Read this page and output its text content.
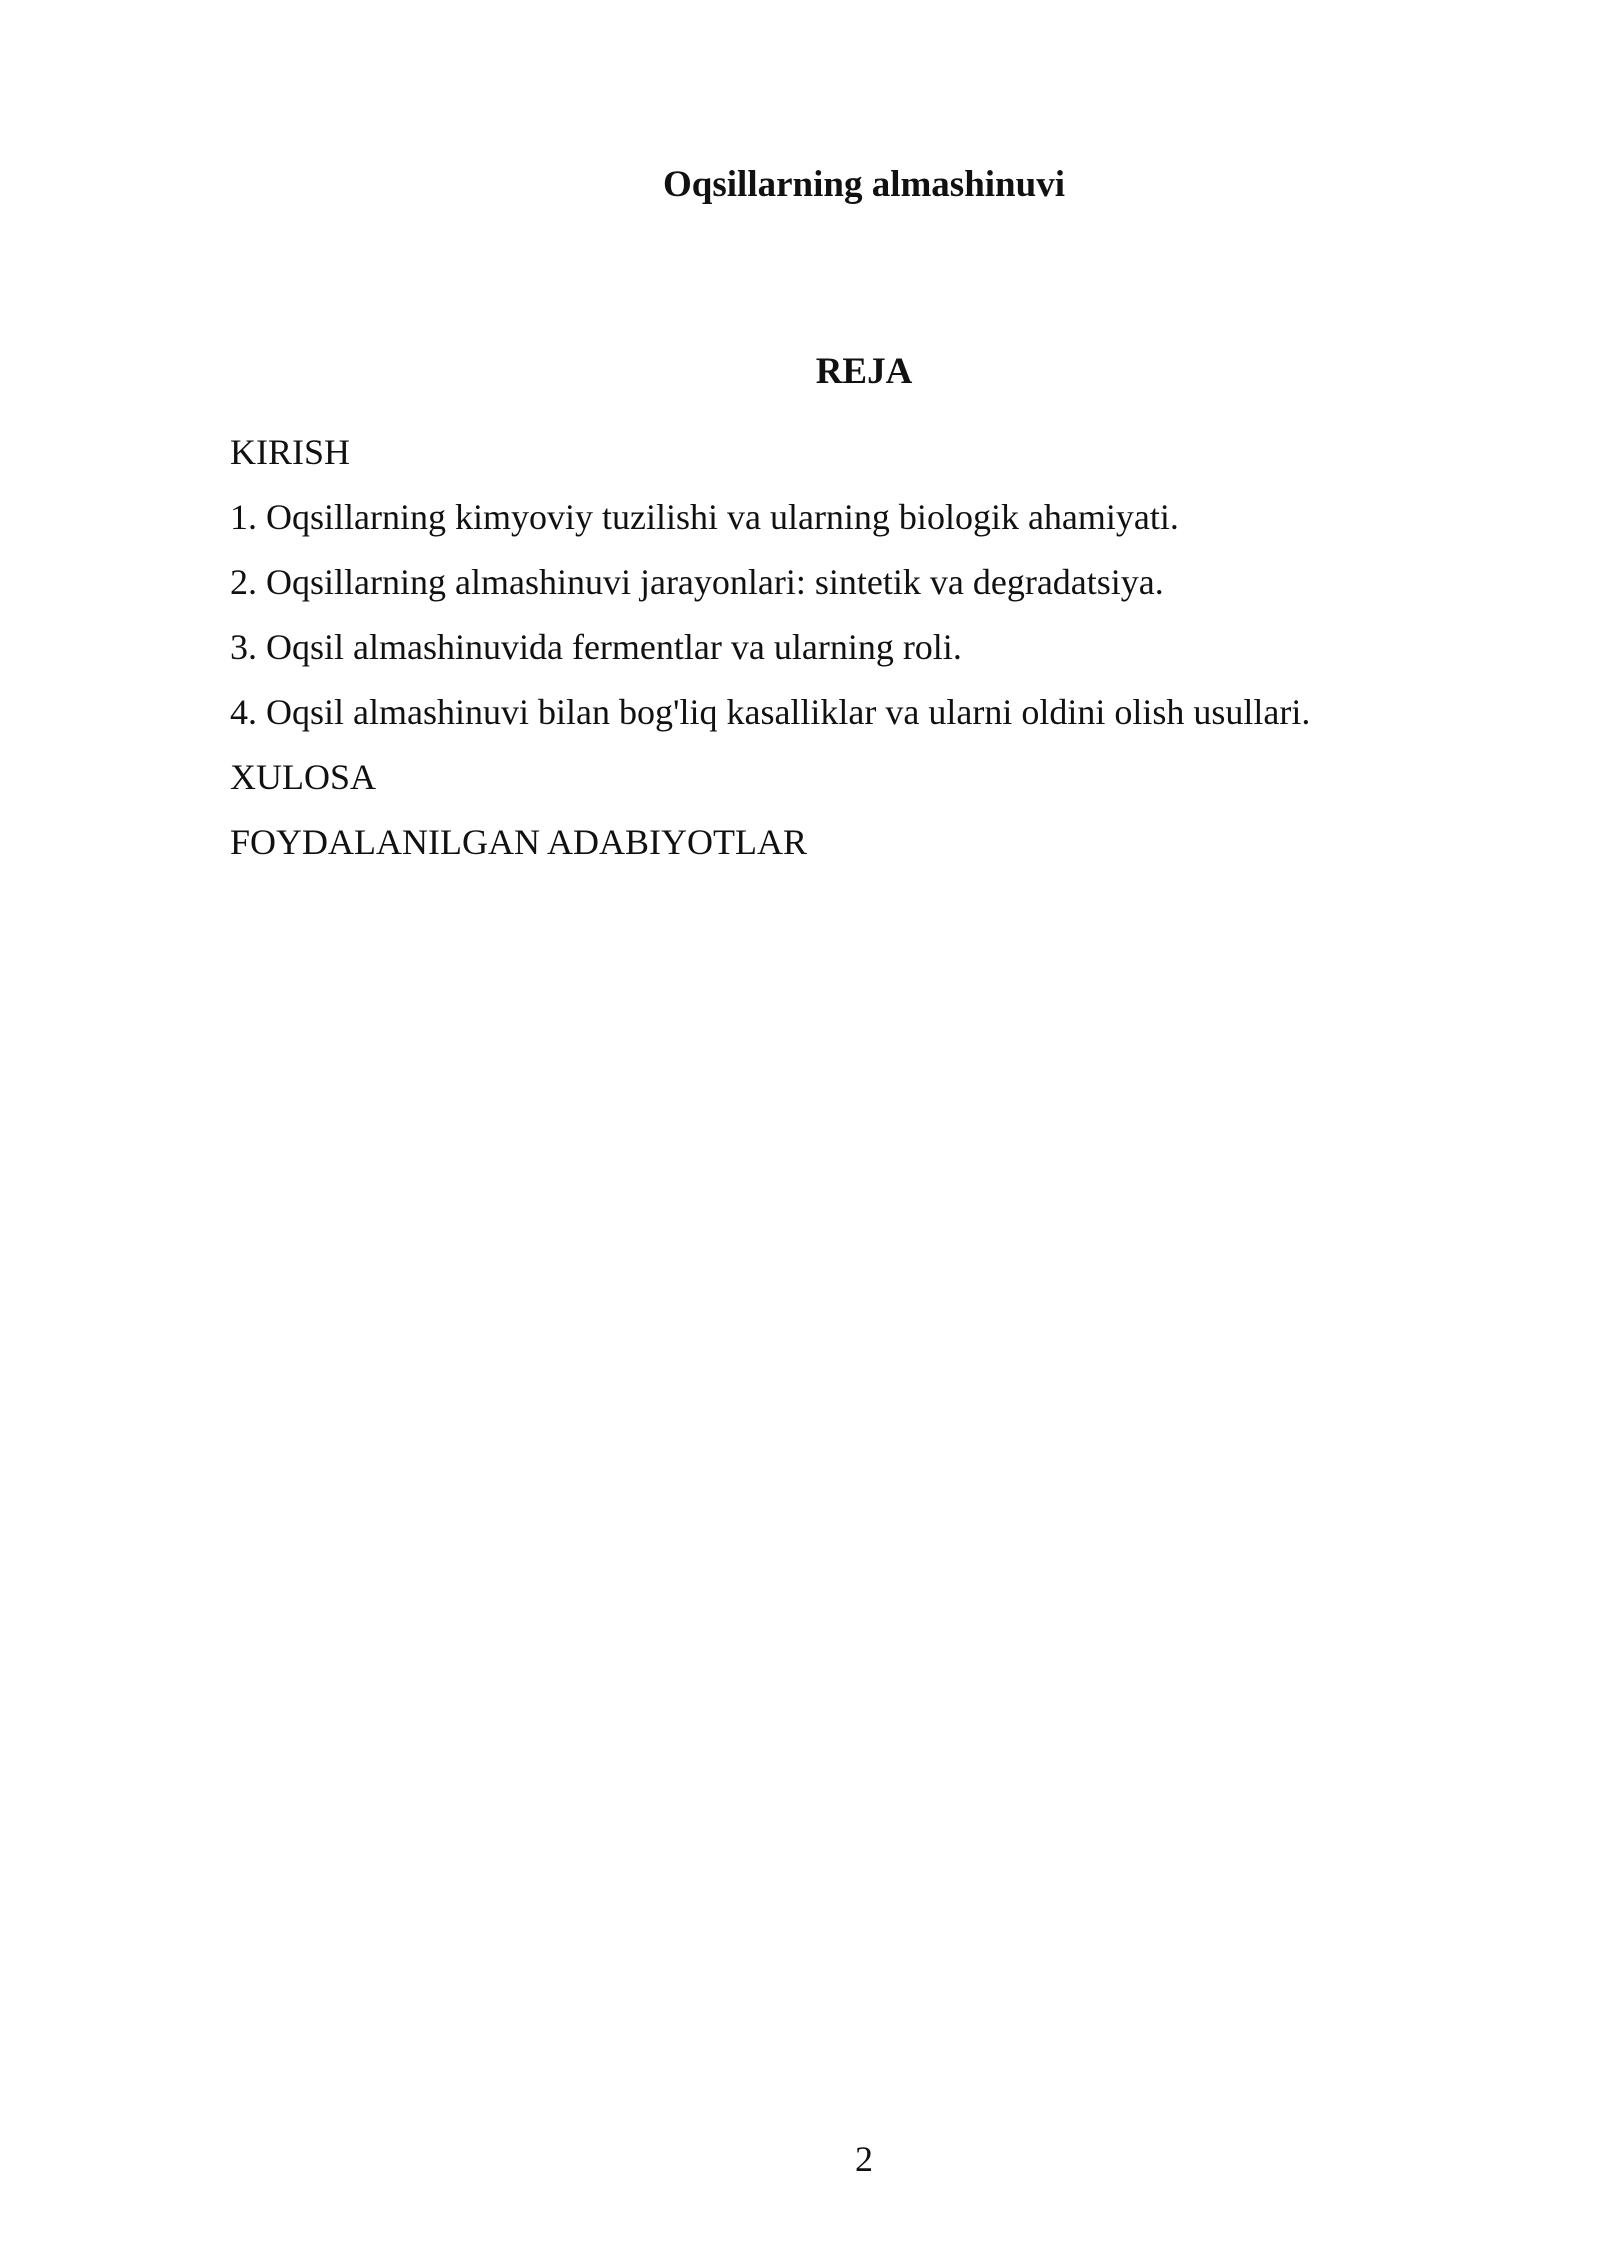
Oqsillarning almashinuvi
REJA
KIRISH
1. Oqsillarning kimyoviy tuzilishi va ularning biologik ahamiyati.
2. Oqsillarning almashinuvi jarayonlari: sintetik va degradatsiya.
3. Oqsil almashinuvida fermentlar va ularning roli.
4. Oqsil almashinuvi bilan bog'liq kasalliklar va ularni oldini olish usullari.
XULOSA
FOYDALANILGAN ADABIYOTLAR
2
